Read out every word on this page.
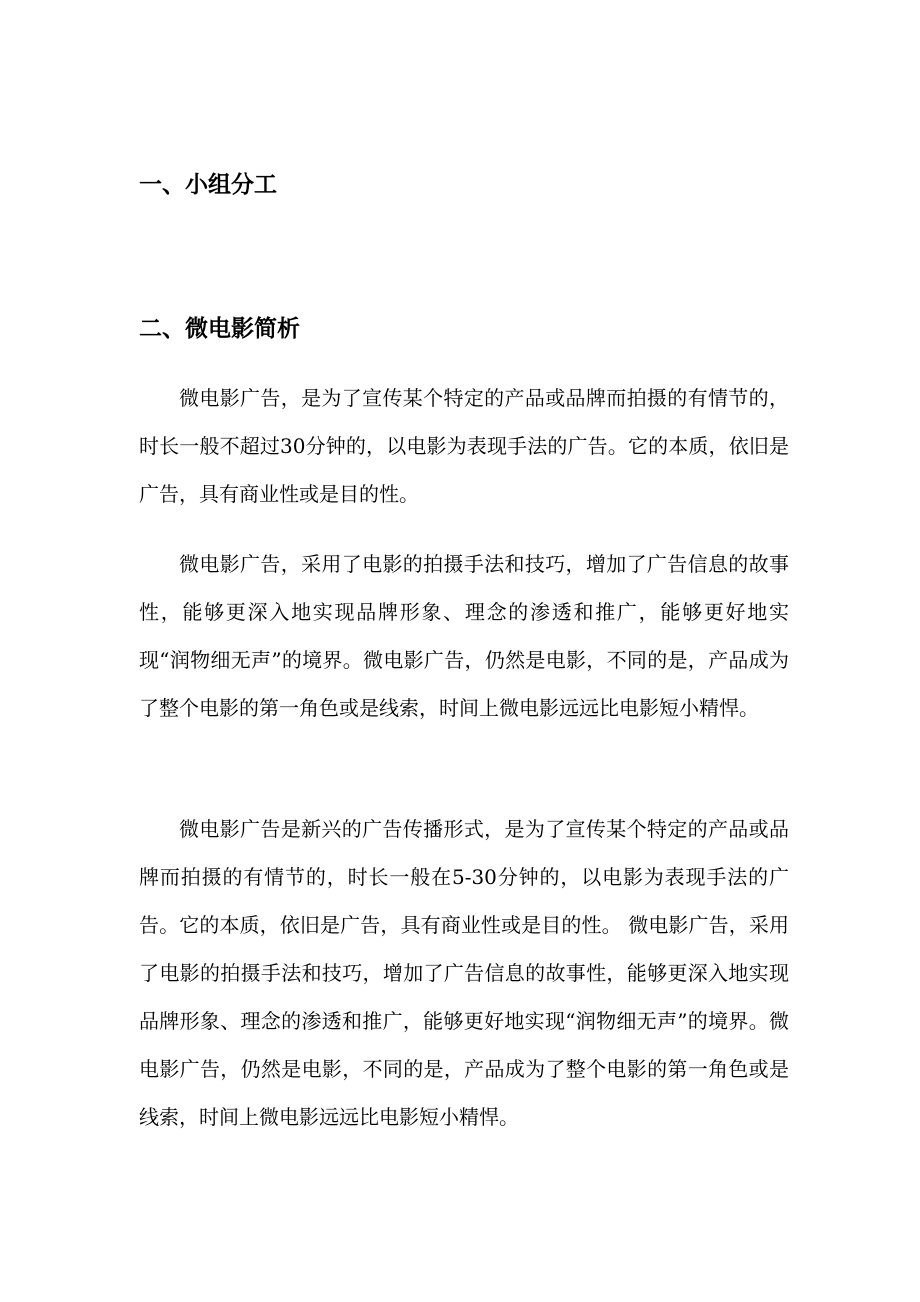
一、小组分工
二、微电影简析

微电影广告，是为了宣传某个特定的产品或品牌而拍摄的有情节的，时长一般不超过30分钟的，以电影为表现手法的广告。它的本质，依旧是广告，具有商业性或是目的性。

微电影广告，采用了电影的拍摄手法和技巧，增加了广告信息的故事性，能够更深入地实现品牌形象、理念的渗透和推广，能够更好地实现“润物细无声”的境界。微电影广告，仍然是电影，不同的是，产品成为了整个电影的第一角色或是线索，时间上微电影远远比电影短小精悍。

微电影广告是新兴的广告传播形式，是为了宣传某个特定的产品或品牌而拍摄的有情节的，时长一般在5-30分钟的，以电影为表现手法的广告。它的本质，依旧是广告，具有商业性或是目的性。 微电影广告，采用了电影的拍摄手法和技巧，增加了广告信息的故事性，能够更深入地实现品牌形象、理念的渗透和推广，能够更好地实现“润物细无声”的境界。微电影广告，仍然是电影，不同的是，产品成为了整个电影的第一角色或是线索，时间上微电影远远比电影短小精悍。
